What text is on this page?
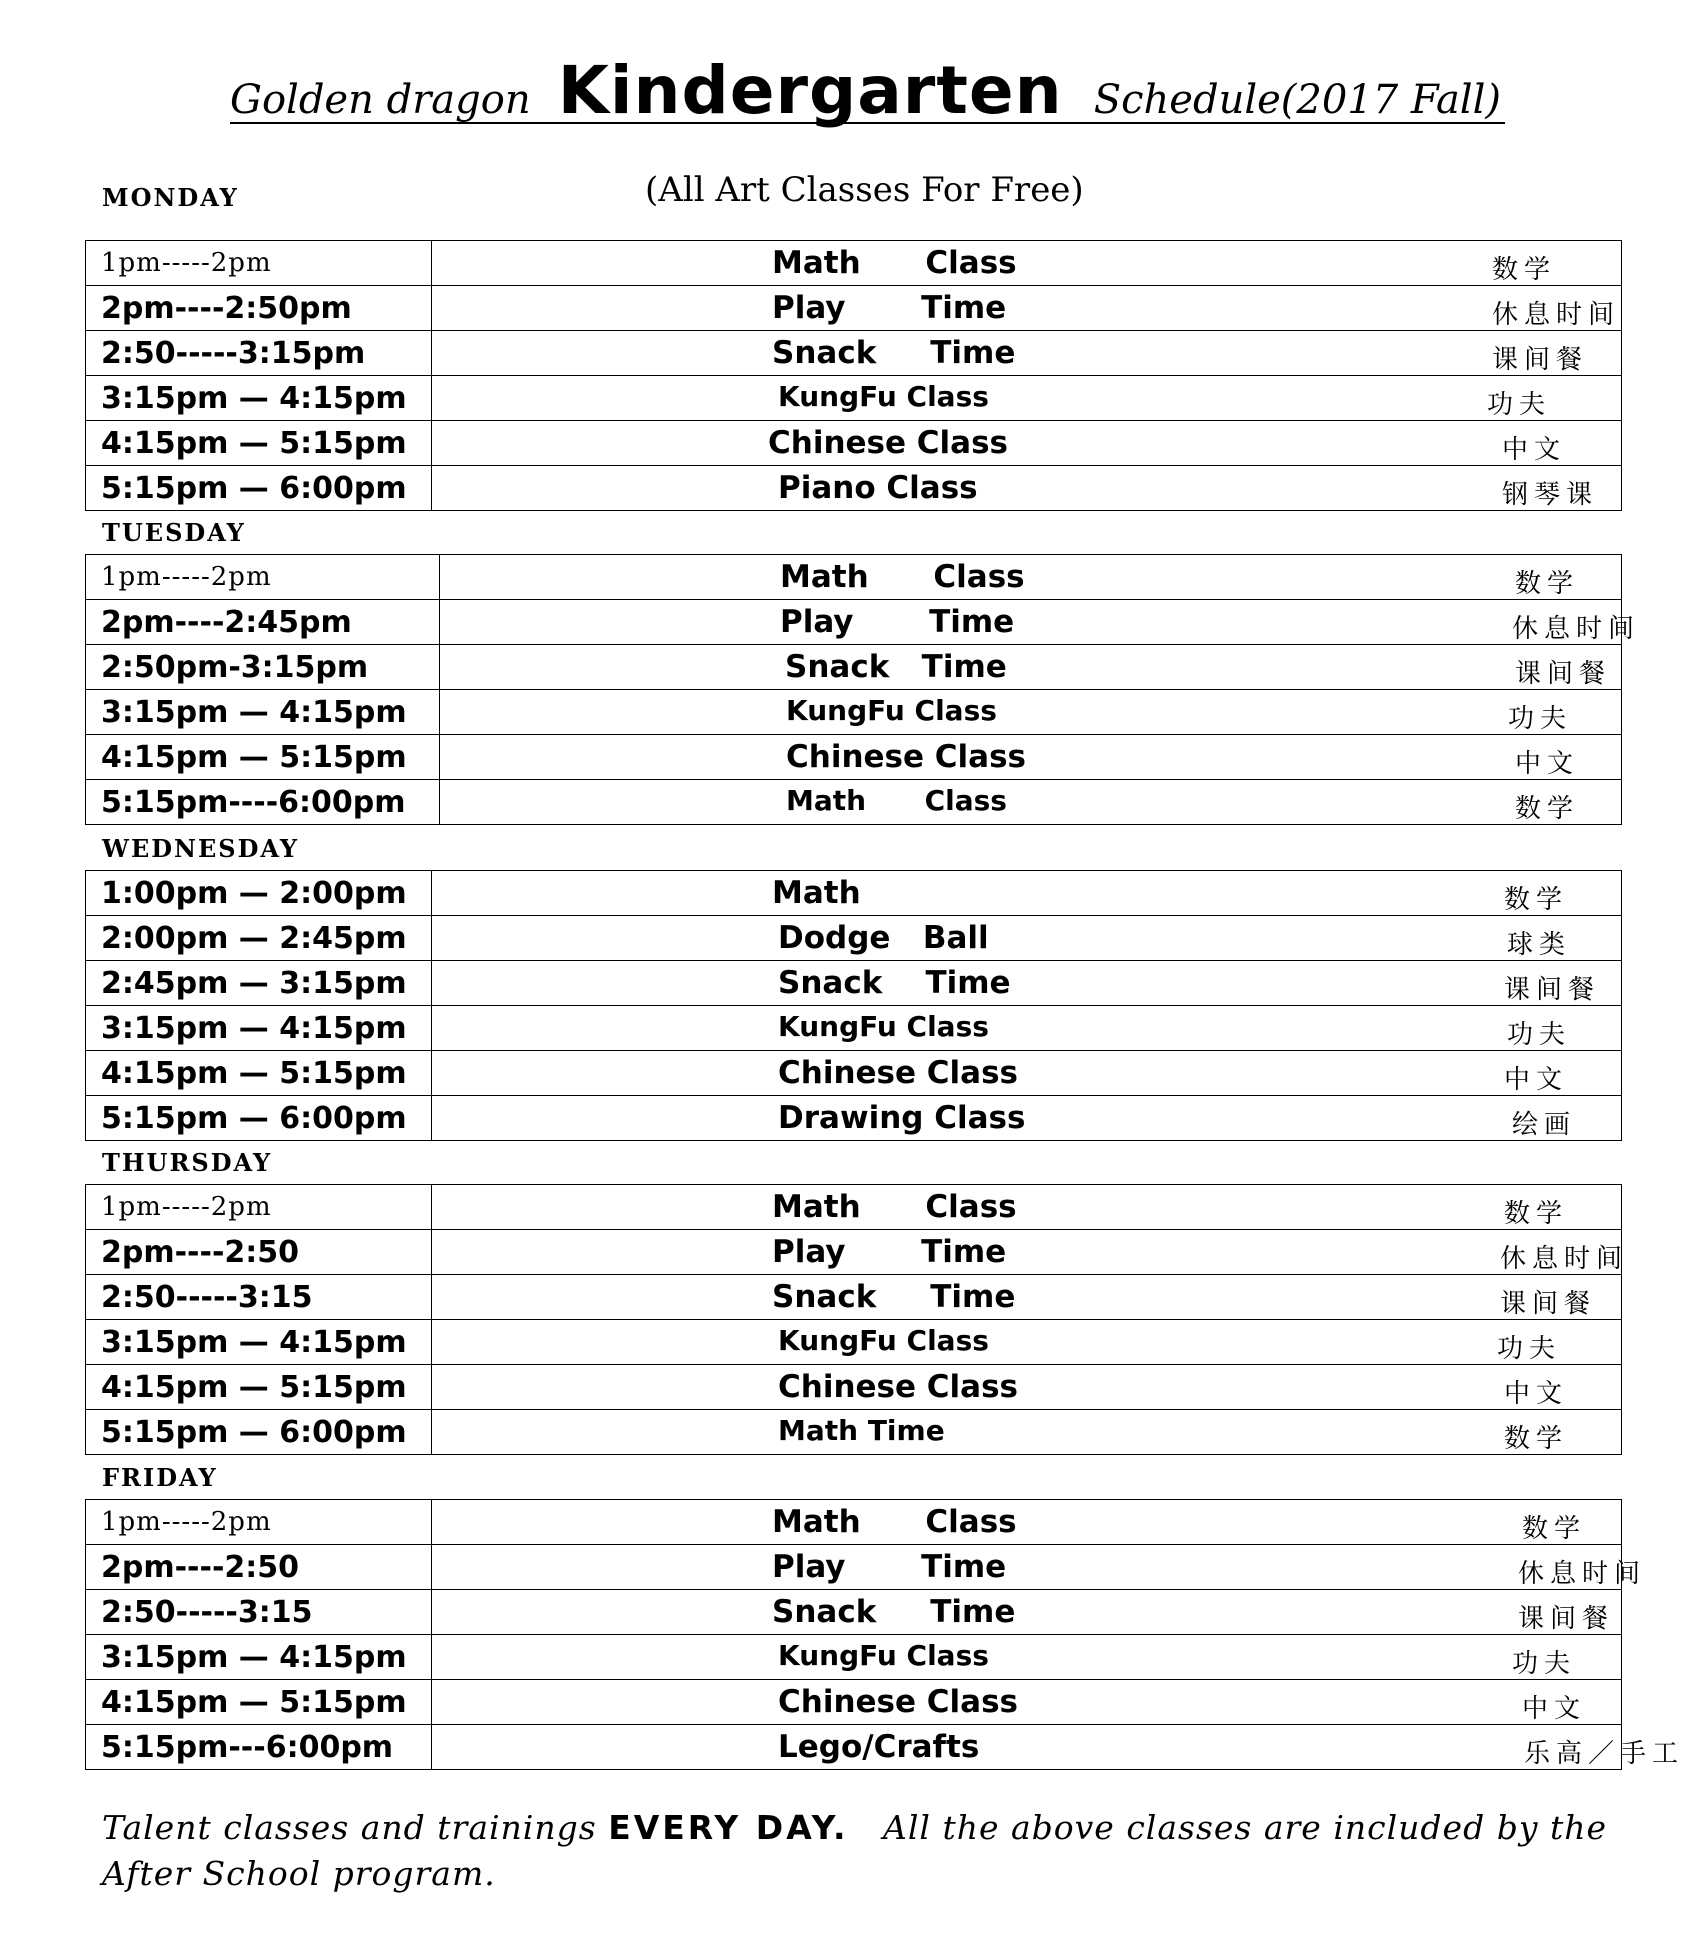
Golden dragon Kindergarten Schedule(2017 Fall)
(All Art Classes For Free)
MONDAY
1pm-----2pm	Math      Class 数学

2pm----2:50pm	Play       Time 休息时间

2:50-----3:15pm	Snack     Time 课间餐

3:15pm — 4:15pm	KungFu Class 功夫

4:15pm — 5:15pm	Chinese Class 中文

5:15pm — 6:00pm	Piano Class 钢琴课
TUESDAY
1pm-----2pm	Math      Class 数学

2pm----2:45pm	Play       Time 休息时间

2:50pm-3:15pm	Snack   Time 课间餐

3:15pm — 4:15pm	KungFu Class 功夫

4:15pm — 5:15pm	Chinese Class 中文

5:15pm----6:00pm	Math      Class 数学
WEDNESDAY
1:00pm — 2:00pm	Math 数学

2:00pm — 2:45pm	Dodge   Ball 球类

2:45pm — 3:15pm	Snack    Time 课间餐

3:15pm — 4:15pm	KungFu Class 功夫

4:15pm — 5:15pm	Chinese Class 中文

5:15pm — 6:00pm	Drawing Class 绘画
THURSDAY
1pm-----2pm	Math      Class 数学

2pm----2:50	Play       Time 休息时间

2:50-----3:15	Snack     Time 课间餐

3:15pm — 4:15pm	KungFu Class 功夫

4:15pm — 5:15pm	Chinese Class 中文

5:15pm — 6:00pm	Math Time 数学
FRIDAY
1pm-----2pm	Math      Class 数学

2pm----2:50	Play       Time 休息时间

2:50-----3:15	Snack     Time 课间餐

3:15pm — 4:15pm	KungFu Class 功夫

4:15pm — 5:15pm	Chinese Class 中文

5:15pm---6:00pm	Lego/Crafts 乐高／手工
Talent classes and trainings EVERY DAY. All the above classes are included by the After School program.
